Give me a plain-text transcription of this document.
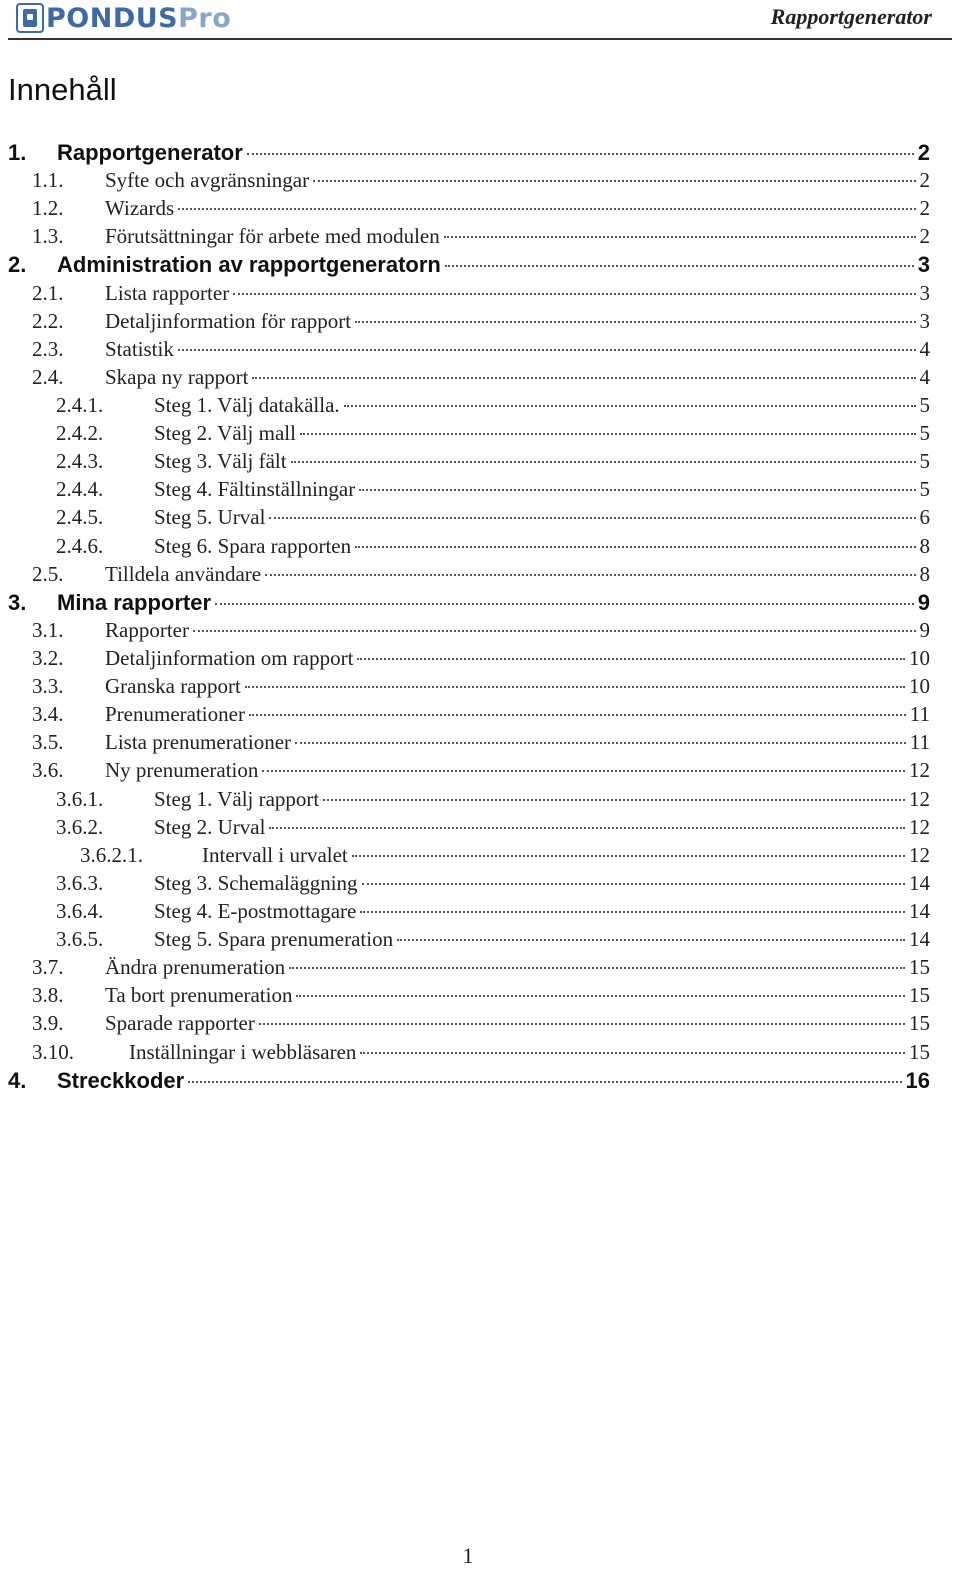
PONDUS Pro	Rapportgenerator
Innehåll
1.	Rapportgenerator	2
1.1.	Syfte och avgränsningar	2
1.2.	Wizards	2
1.3.	Förutsättningar för arbete med modulen	2
2.	Administration av rapportgeneratorn	3
2.1.	Lista rapporter	3
2.2.	Detaljinformation för rapport	3
2.3.	Statistik	4
2.4.	Skapa ny rapport	4
2.4.1.	Steg 1. Välj datakälla.	5
2.4.2.	Steg 2. Välj mall	5
2.4.3.	Steg 3. Välj fält	5
2.4.4.	Steg 4. Fältinställningar	5
2.4.5.	Steg 5. Urval	6
2.4.6.	Steg 6. Spara rapporten	8
2.5.	Tilldela användare	8
3.	Mina rapporter	9
3.1.	Rapporter	9
3.2.	Detaljinformation om rapport	10
3.3.	Granska rapport	10
3.4.	Prenumerationer	11
3.5.	Lista prenumerationer	11
3.6.	Ny prenumeration	12
3.6.1.	Steg 1. Välj rapport	12
3.6.2.	Steg 2. Urval	12
3.6.2.1.	Intervall i urvalet	12
3.6.3.	Steg 3. Schemaläggning	14
3.6.4.	Steg 4. E-postmottagare	14
3.6.5.	Steg 5. Spara prenumeration	14
3.7.	Ändra prenumeration	15
3.8.	Ta bort prenumeration	15
3.9.	Sparade rapporter	15
3.10.	Inställningar i webbläsaren	15
4.	Streckkoder	16
1
